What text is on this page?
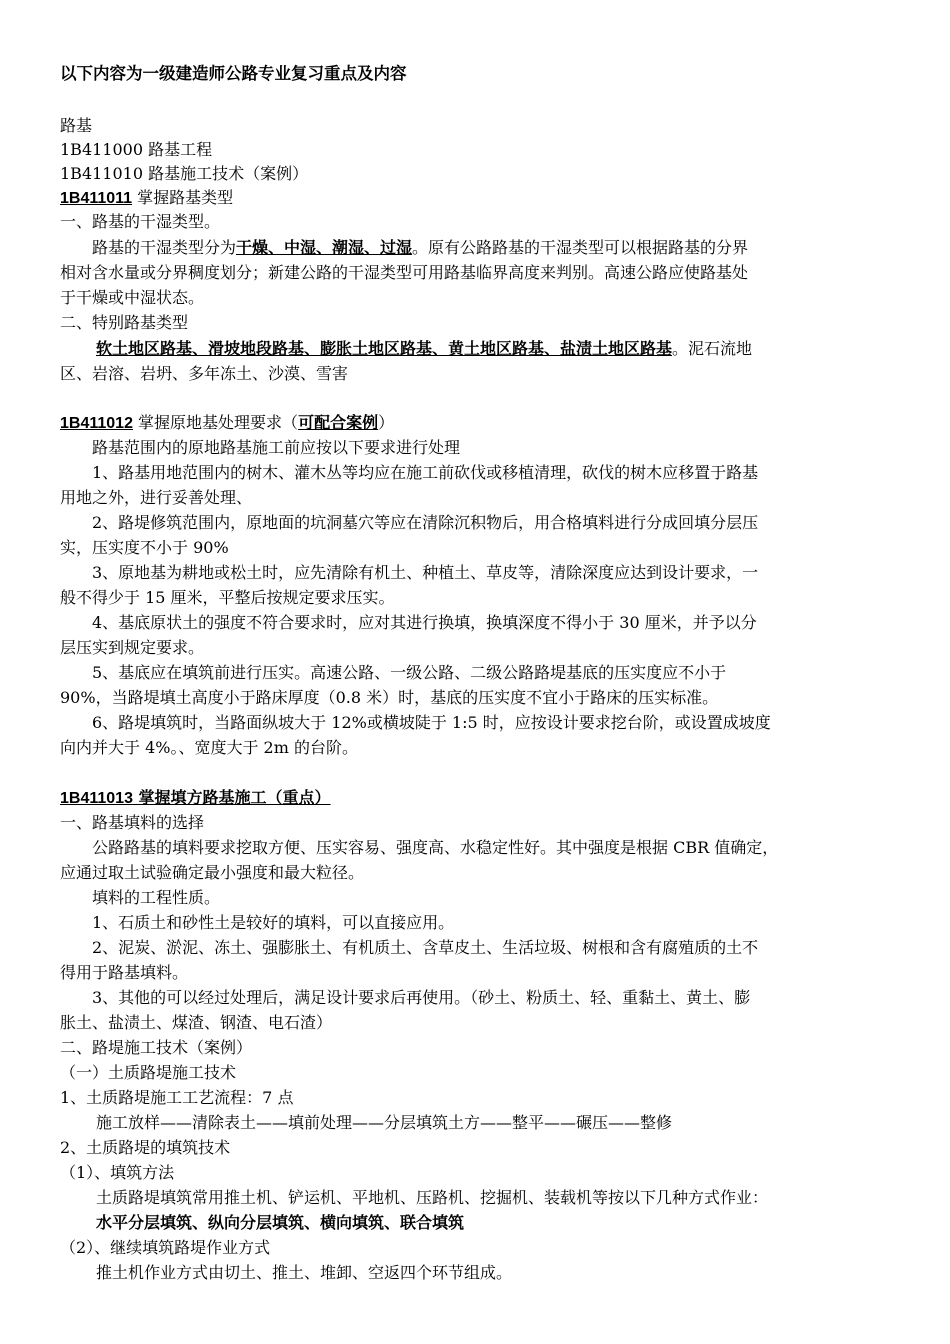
以下内容为一级建造师公路专业复习重点及内容
路基
1B411000 路基工程
1B411010 路基施工技术（案例）
1B411011 掌握路基类型
一、路基的干湿类型。
路基的干湿类型分为干燥、中湿、潮湿、过湿。原有公路路基的干湿类型可以根据路基的分界
相对含水量或分界稠度划分；新建公路的干湿类型可用路基临界高度来判别。高速公路应使路基处
于干燥或中湿状态。
二、特别路基类型
软土地区路基、滑坡地段路基、膨胀土地区路基、黄土地区路基、盐渍土地区路基。泥石流地
区、岩溶、岩坍、多年冻土、沙漠、雪害
1B411012 掌握原地基处理要求（可配合案例）
路基范围内的原地路基施工前应按以下要求进行处理
1、路基用地范围内的树木、灌木丛等均应在施工前砍伐或移植清理，砍伐的树木应移置于路基
用地之外，进行妥善处理、
2、路堤修筑范围内，原地面的坑洞墓穴等应在清除沉积物后，用合格填料进行分成回填分层压
实，压实度不小于 90%
3、原地基为耕地或松土时，应先清除有机土、种植土、草皮等，清除深度应达到设计要求，一
般不得少于 15 厘米，平整后按规定要求压实。
4、基底原状土的强度不符合要求时，应对其进行换填，换填深度不得小于 30 厘米，并予以分
层压实到规定要求。
5、基底应在填筑前进行压实。高速公路、一级公路、二级公路路堤基底的压实度应不小于
90%，当路堤填土高度小于路床厚度（0.8 米）时，基底的压实度不宜小于路床的压实标准。
6、路堤填筑时，当路面纵坡大于 12%或横坡陡于 1:5 时，应按设计要求挖台阶，或设置成坡度
向内并大于 4%。、宽度大于 2m 的台阶。
1B411013 掌握填方路基施工（重点）
一、路基填料的选择
公路路基的填料要求挖取方便、压实容易、强度高、水稳定性好。其中强度是根据 CBR 值确定，
应通过取土试验确定最小强度和最大粒径。
填料的工程性质。
1、石质土和砂性土是较好的填料，可以直接应用。
2、泥炭、淤泥、冻土、强膨胀土、有机质土、含草皮土、生活垃圾、树根和含有腐殖质的土不
得用于路基填料。
3、其他的可以经过处理后，满足设计要求后再使用。（砂土、粉质土、轻、重黏土、黄土、膨
胀土、盐渍土、煤渣、钢渣、电石渣）
二、路堤施工技术（案例）
（一）土质路堤施工技术
1、土质路堤施工工艺流程：7 点
施工放样——清除表土——填前处理——分层填筑土方——整平——碾压——整修
2、土质路堤的填筑技术
（1）、填筑方法
土质路堤填筑常用推土机、铲运机、平地机、压路机、挖掘机、装载机等按以下几种方式作业：
水平分层填筑、纵向分层填筑、横向填筑、联合填筑
（2）、继续填筑路堤作业方式
推土机作业方式由切土、推土、堆卸、空返四个环节组成。
